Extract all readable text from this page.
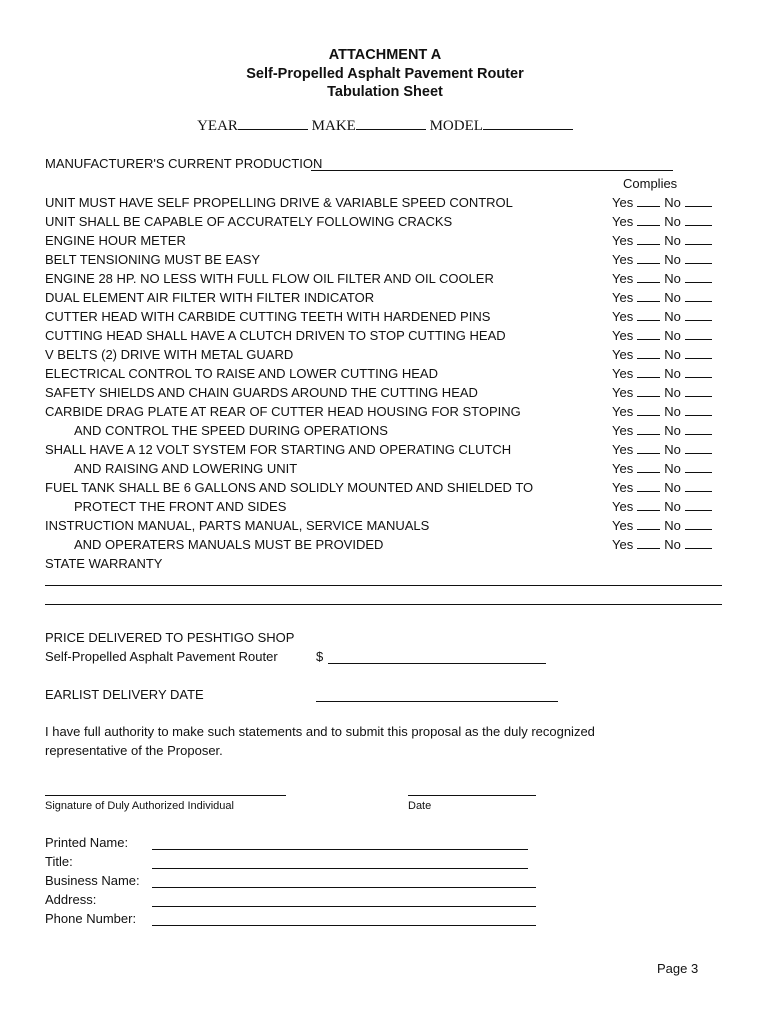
ATTACHMENT A
Self-Propelled Asphalt Pavement Router
Tabulation Sheet
YEAR	MAKE	MODEL
MANUFACTURER'S CURRENT PRODUCTION
Complies
UNIT MUST HAVE SELF PROPELLING DRIVE & VARIABLE SPEED CONTROL	Yes No
UNIT SHALL BE CAPABLE OF ACCURATELY FOLLOWING CRACKS	Yes No
ENGINE HOUR METER	Yes No
BELT TENSIONING MUST BE EASY	Yes No
ENGINE 28 HP. NO LESS WITH FULL FLOW OIL FILTER AND OIL COOLER	Yes No
DUAL ELEMENT AIR FILTER WITH FILTER INDICATOR	Yes No
CUTTER HEAD WITH CARBIDE CUTTING TEETH WITH HARDENED PINS	Yes No
CUTTING HEAD SHALL HAVE A CLUTCH DRIVEN TO STOP CUTTING HEAD	Yes No
V BELTS (2) DRIVE WITH METAL GUARD	Yes No
ELECTRICAL CONTROL TO RAISE AND LOWER CUTTING HEAD	Yes No
SAFETY SHIELDS AND CHAIN GUARDS AROUND THE CUTTING HEAD	Yes No
CARBIDE DRAG PLATE AT REAR OF CUTTER HEAD HOUSING FOR STOPING	Yes No
AND CONTROL THE SPEED DURING OPERATIONS	Yes No
SHALL HAVE A 12 VOLT SYSTEM FOR STARTING AND OPERATING CLUTCH	Yes No
AND RAISING AND LOWERING UNIT	Yes No
FUEL TANK SHALL BE 6 GALLONS AND SOLIDLY MOUNTED AND SHIELDED TO	Yes No
PROTECT THE FRONT AND SIDES	Yes No
INSTRUCTION MANUAL, PARTS MANUAL, SERVICE MANUALS	Yes No
AND OPERATERS MANUALS MUST BE PROVIDED	Yes No
STATE WARRANTY
PRICE DELIVERED TO PESHTIGO SHOP
Self-Propelled Asphalt Pavement Router	$
EARLIST DELIVERY DATE
I have full authority to make such statements and to submit this proposal as the duly recognized
representative of the Proposer.
Signature of Duly Authorized Individual	Date
Printed Name:
Title:
Business Name:
Address:
Phone Number:
Page 3
